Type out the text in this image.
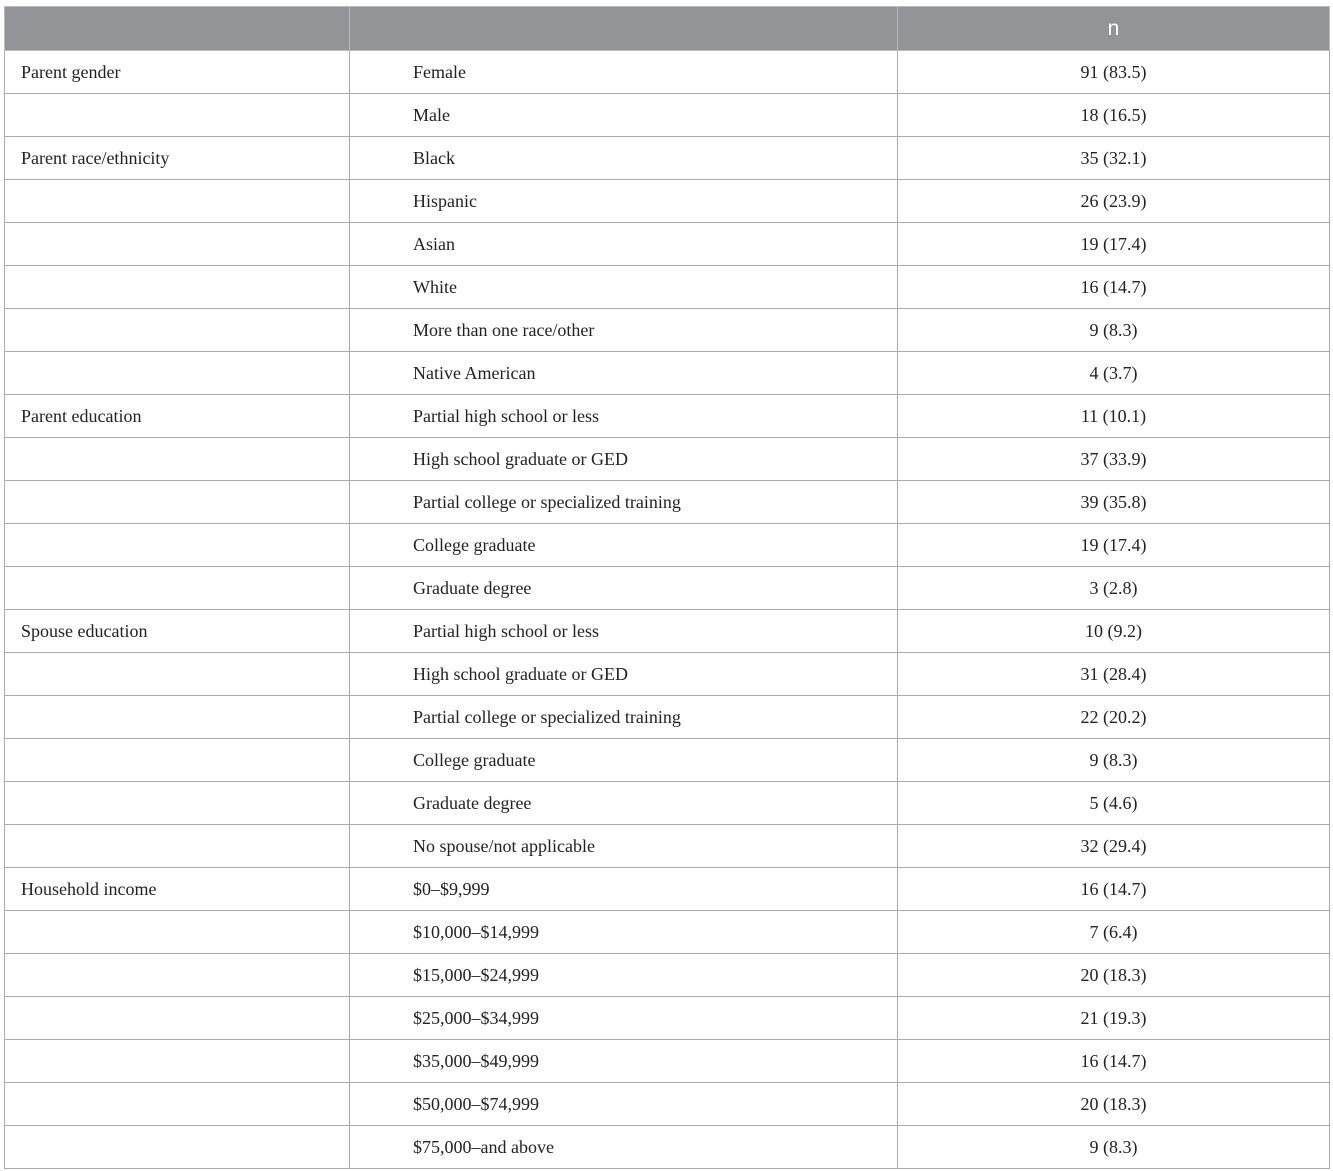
		n
Parent gender	Female	91 (83.5)
	Male	18 (16.5)
Parent race/ethnicity	Black	35 (32.1)
	Hispanic	26 (23.9)
	Asian	19 (17.4)
	White	16 (14.7)
	More than one race/other	9 (8.3)
	Native American	4 (3.7)
Parent education	Partial high school or less	11 (10.1)
	High school graduate or GED	37 (33.9)
	Partial college or specialized training	39 (35.8)
	College graduate	19 (17.4)
	Graduate degree	3 (2.8)
Spouse education	Partial high school or less	10 (9.2)
	High school graduate or GED	31 (28.4)
	Partial college or specialized training	22 (20.2)
	College graduate	9 (8.3)
	Graduate degree	5 (4.6)
	No spouse/not applicable	32 (29.4)
Household income	$0–$9,999	16 (14.7)
	$10,000–$14,999	7 (6.4)
	$15,000–$24,999	20 (18.3)
	$25,000–$34,999	21 (19.3)
	$35,000–$49,999	16 (14.7)
	$50,000–$74,999	20 (18.3)
	$75,000–and above	9 (8.3)
